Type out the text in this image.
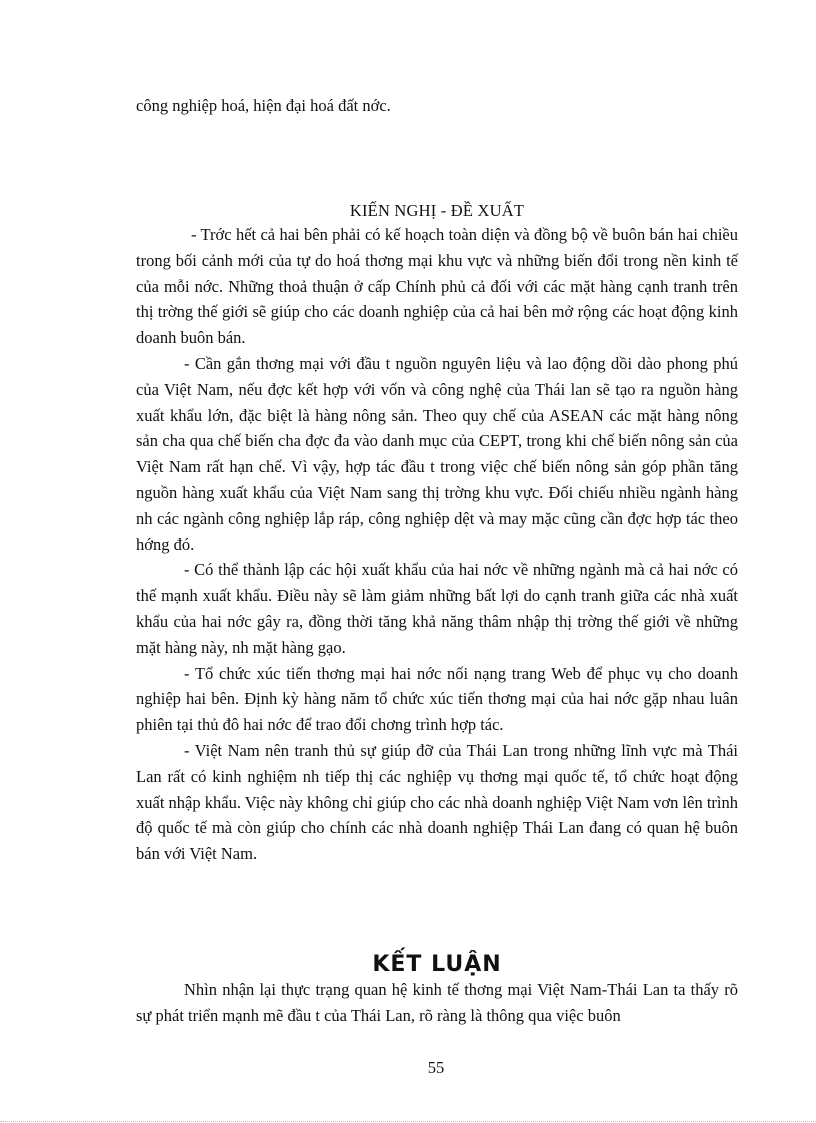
công nghiệp hoá, hiện đại hoá đất nớc.
KIẾN NGHỊ - ĐỀ XUẤT

- Trớc hết cả hai bên phải có kế hoạch toàn diện và đồng bộ về buôn bán hai chiều trong bối cảnh mới của tự do hoá thơng mại khu vực và những biến đổi trong nền kinh tế của mỗi nớc. Những thoả thuận ở cấp Chính phủ cả đối với các mặt hàng cạnh tranh trên thị trờng thế giới sẽ giúp cho các doanh nghiệp của cả hai bên mở rộng các hoạt động kinh doanh buôn bán.

- Cần gắn thơng mại với đầu t nguồn nguyên liệu và lao động dồi dào phong phú của Việt Nam, nếu đợc kết hợp với vốn và công nghệ của Thái lan sẽ tạo ra nguồn hàng xuất khẩu lớn, đặc biệt là hàng nông sản. Theo quy chế của ASEAN các mặt hàng nông sản cha qua chế biến cha đợc đa vào danh mục của CEPT, trong khi chế biến nông sản của Việt Nam rất hạn chế. Vì vậy, hợp tác đầu t trong việc chế biến nông sản góp phần tăng nguồn hàng xuất khẩu của Việt Nam sang thị trờng khu vực. Đối chiếu nhiều ngành hàng nh các ngành công nghiệp lắp ráp, công nghiệp dệt và may mặc cũng cần đợc hợp tác theo hớng đó.

- Có thể thành lập các hội xuất khẩu của hai nớc về những ngành mà cả hai nớc có thế mạnh xuất khẩu. Điều này sẽ làm giảm những bất lợi do cạnh tranh giữa các nhà xuất khẩu của hai nớc gây ra, đồng thời tăng khả năng thâm nhập thị trờng thế giới về những mặt hàng này, nh mặt hàng gạo.

- Tổ chức xúc tiến thơng mại hai nớc nối nạng trang Web để phục vụ cho doanh nghiệp hai bên. Định kỳ hàng năm tổ chức xúc tiến thơng mại của hai nớc gặp nhau luân phiên tại thủ đô hai nớc để trao đổi chơng trình hợp tác.

- Việt Nam nên tranh thủ sự giúp đỡ của Thái Lan trong những lĩnh vực mà Thái Lan rất có kinh nghiệm nh tiếp thị các nghiệp vụ thơng mại quốc tế, tổ chức hoạt động xuất nhập khẩu. Việc này không chỉ giúp cho các nhà doanh nghiệp Việt Nam vơn lên trình độ quốc tế mà còn giúp cho chính các nhà doanh nghiệp Thái Lan đang có quan hệ buôn bán với Việt Nam.

KẾT LUẬN

Nhìn nhận lại thực trạng quan hệ kinh tế thơng mại Việt Nam-Thái Lan ta thấy rõ sự phát triển mạnh mẽ đầu t của Thái Lan, rõ ràng là thông qua việc buôn

55
